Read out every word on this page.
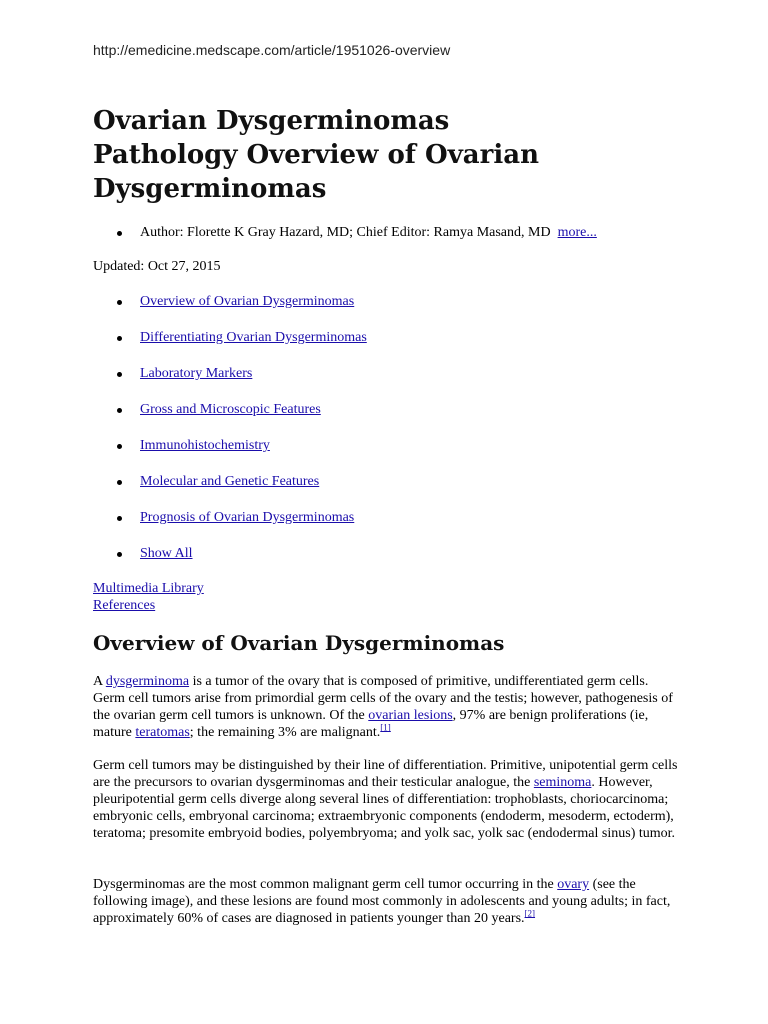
http://emedicine.medscape.com/article/1951026-overview
Ovarian Dysgerminomas
Pathology Overview of Ovarian Dysgerminomas
Author: Florette K Gray Hazard, MD; Chief Editor: Ramya Masand, MD more...
Updated: Oct 27, 2015
Overview of Ovarian Dysgerminomas
Differentiating Ovarian Dysgerminomas
Laboratory Markers
Gross and Microscopic Features
Immunohistochemistry
Molecular and Genetic Features
Prognosis of Ovarian Dysgerminomas
Show All
Multimedia Library
References
Overview of Ovarian Dysgerminomas

A dysgerminoma is a tumor of the ovary that is composed of primitive, undifferentiated germ cells. Germ cell tumors arise from primordial germ cells of the ovary and the testis; however, pathogenesis of the ovarian germ cell tumors is unknown. Of the ovarian lesions, 97% are benign proliferations (ie, mature teratomas; the remaining 3% are malignant.[1]

Germ cell tumors may be distinguished by their line of differentiation. Primitive, unipotential germ cells are the precursors to ovarian dysgerminomas and their testicular analogue, the seminoma. However, pleuripotential germ cells diverge along several lines of differentiation: trophoblasts, choriocarcinoma; embryonic cells, embryonal carcinoma; extraembryonic components (endoderm, mesoderm, ectoderm), teratoma; presomite embryoid bodies, polyembryoma; and yolk sac, yolk sac (endodermal sinus) tumor.

Dysgerminomas are the most common malignant germ cell tumor occurring in the ovary (see the following image), and these lesions are found most commonly in adolescents and young adults; in fact, approximately 60% of cases are diagnosed in patients younger than 20 years.[2]
